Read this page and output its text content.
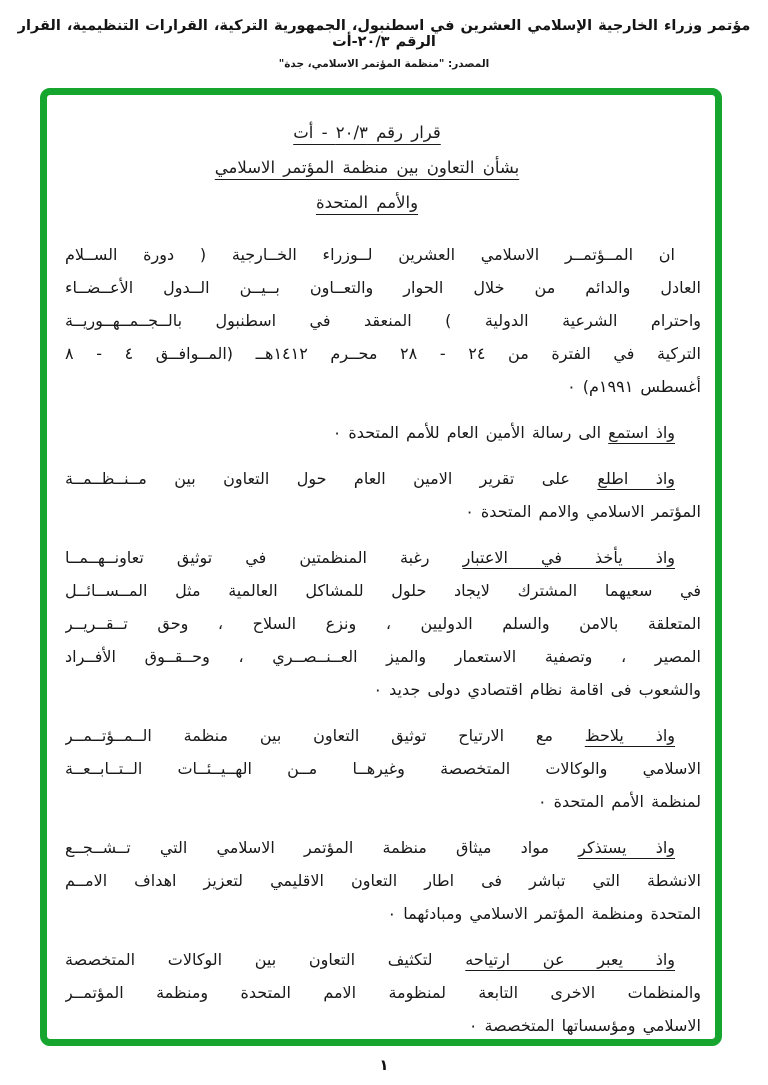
مؤتمر وزراء الخارجية الإسلامي العشرين في اسطنبول، الجمهورية التركية، القرارات التنظيمية، القرار الرقم ٢٠/٣-أت
المصدر: "منظمة المؤتمر الاسلامي، جدة"
قرار رقم ٢٠/٣ - أت
بشأن التعاون بين منظمة المؤتمر الاسلامي
والأمم المتحدة
ان المــؤتمــر الاسلامي العشرين لــوزراء الخــارجية ( دورة الســلام
العادل والدائم من خلال الحوار والتعــاون بــيــن الــدول الأعــضــاء
واحترام الشرعية الدولية ) المنعقد في اسطنبول بالــجــمــهــوريــة
التركية في الفترة من ٢٤ - ٢٨ محــرم ١٤١٢هــ (المــوافــق ٤ - ٨
أغسطس ١٩٩١م) ٠
واذ استمع الى رسالة الأمين العام للأمم المتحدة ٠
واذ اطلع على تقرير الامين العام حول التعاون بين مــنــظــمــة
المؤتمر الاسلامي والامم المتحدة ٠
واذ يأخذ في الاعتبار رغبة المنظمتين في توثيق تعاونــهــمــا
في سعيهما المشترك لايجاد حلول للمشاكل العالمية مثل المــســائــل
المتعلقة بالامن والسلم الدوليين ، ونزع السلاح ، وحق تــقــريــر
المصير ، وتصفية الاستعمار والميز العــنــصــري ، وحــقــوق الأفــراد
والشعوب فى اقامة نظام اقتصادي دولى جديد ٠
واذ يلاحظ مع الارتياح توثيق التعاون بين منظمة الــمــؤتــمــر
الاسلامي والوكالات المتخصصة وغيرهــا مــن الهــيــئــات الــتــابــعــة
لمنظمة الأمم المتحدة ٠
واذ يستذكر مواد ميثاق منظمة المؤتمر الاسلامي التي تــشــجــع
الانشطة التي تباشر فى اطار التعاون الاقليمي لتعزيز اهداف الامــم
المتحدة ومنظمة المؤتمر الاسلامي ومبادئهما ٠
واذ يعبر عن ارتياحه لتكثيف التعاون بين الوكالات المتخصصة
والمنظمات الاخرى التابعة لمنظومة الامم المتحدة ومنظمة المؤتمــر
الاسلامي ومؤسساتها المتخصصة ٠
١
